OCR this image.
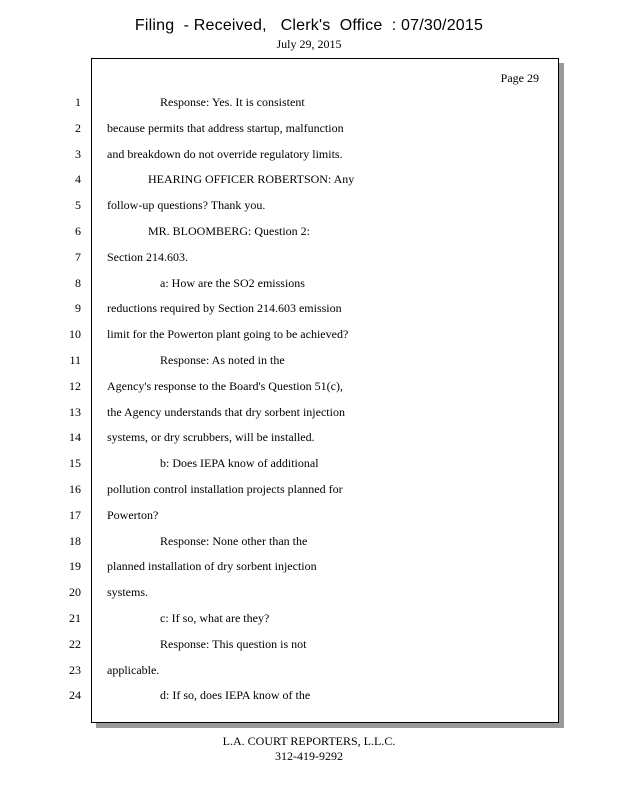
Filing  - Received,   Clerk's  Office  : 07/30/2015
July 29, 2015
Page 29
1	Response: Yes. It is consistent
2 because permits that address startup, malfunction
3 and breakdown do not override regulatory limits.
4	HEARING OFFICER ROBERTSON: Any
5 follow-up questions? Thank you.
6	MR. BLOOMBERG: Question 2:
7 Section 214.603.
8	a: How are the SO2 emissions
9 reductions required by Section 214.603 emission
10 limit for the Powerton plant going to be achieved?
11	Response: As noted in the
12 Agency's response to the Board's Question 51(c),
13 the Agency understands that dry sorbent injection
14 systems, or dry scrubbers, will be installed.
15	b: Does IEPA know of additional
16 pollution control installation projects planned for
17 Powerton?
18	Response: None other than the
19 planned installation of dry sorbent injection
20 systems.
21	c: If so, what are they?
22	Response: This question is not
23 applicable.
24	d: If so, does IEPA know of the
L.A. COURT REPORTERS, L.L.C.
312-419-9292
